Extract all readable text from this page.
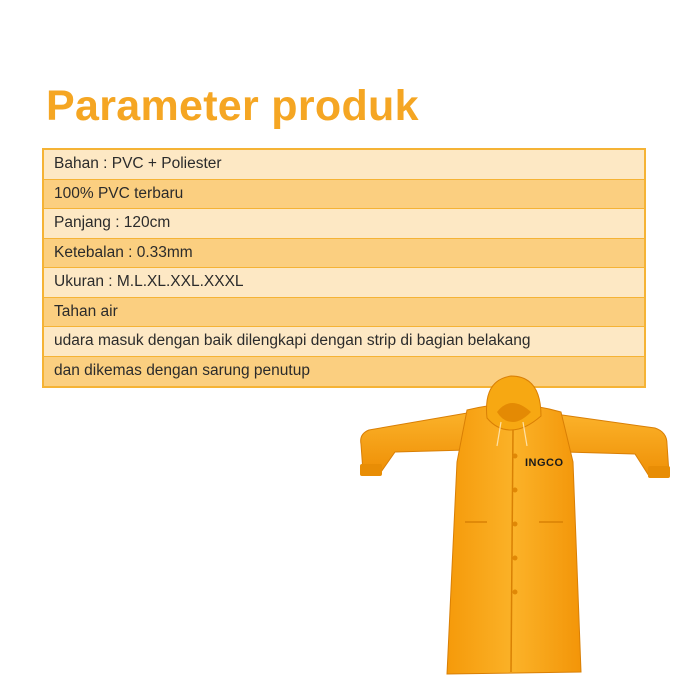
Parameter produk
Bahan : PVC + Poliester
100% PVC terbaru
Panjang : 120cm
Ketebalan : 0.33mm
Ukuran : M.L.XL.XXL.XXXL
Tahan air
udara masuk dengan baik dilengkapi dengan strip di bagian belakang
dan dikemas dengan sarung penutup
INGCO
